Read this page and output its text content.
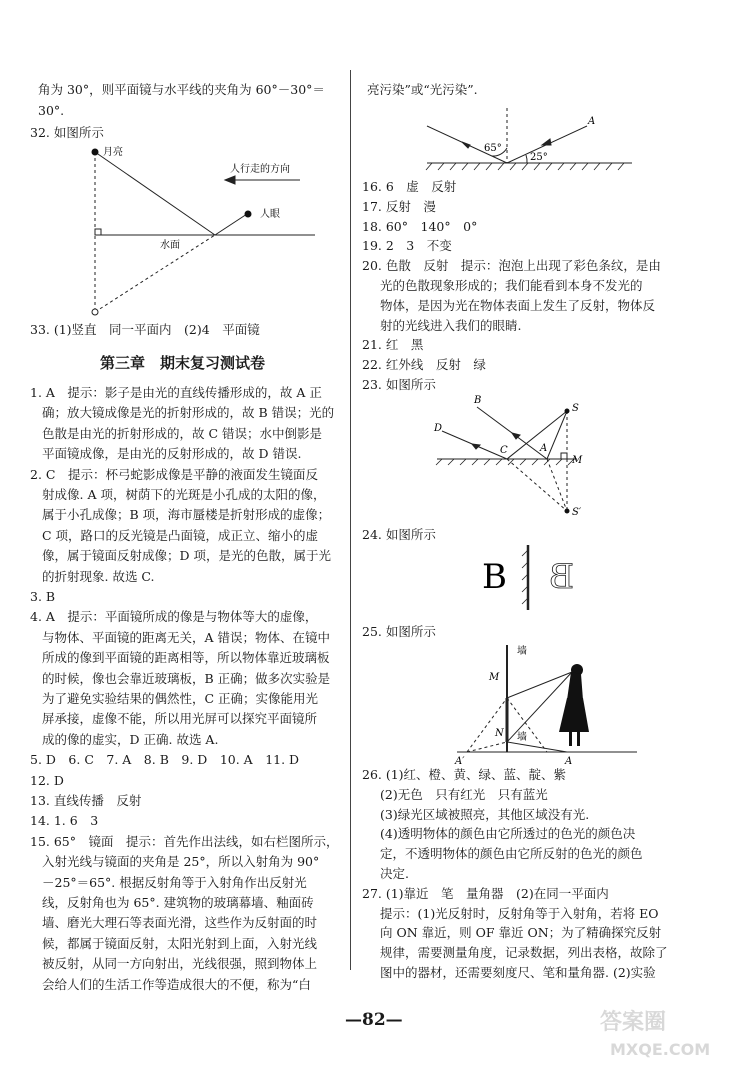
角为 30°，则平面镜与水平线的夹角为 60°－30°＝
30°.
32. 如图所示
月亮
人行走的方向
人眼
水面
33. (1)竖直　同一平面内　(2)4　平面镜
第三章　期末复习测试卷
1. A　提示：影子是由光的直线传播形成的，故 A 正
确；放大镜成像是光的折射形成的，故 B 错误；光的
色散是由光的折射形成的，故 C 错误；水中倒影是
平面镜成像，是由光的反射形成的，故 D 错误.
2. C　提示：杯弓蛇影成像是平静的液面发生镜面反
射成像. A 项，树荫下的光斑是小孔成的太阳的像，
属于小孔成像；B 项，海市蜃楼是折射形成的虚像；
C 项，路口的反光镜是凸面镜，成正立、缩小的虚
像，属于镜面反射成像；D 项，是光的色散，属于光
的折射现象. 故选 C.
3. B
4. A　提示：平面镜所成的像是与物体等大的虚像，
与物体、平面镜的距离无关，A 错误；物体、在镜中
所成的像到平面镜的距离相等，所以物体靠近玻璃板
的时候，像也会靠近玻璃板，B 正确；做多次实验是
为了避免实验结果的偶然性，C 正确；实像能用光
屏承接，虚像不能，所以用光屏可以探究平面镜所
成的像的虚实，D 正确. 故选 A.
5. D　6. C　7. A　8. B　9. D　10. A　11. D
12. D
13. 直线传播　反射
14. 1. 6　3
15. 65°　镜面　提示：首先作出法线，如右栏图所示，
入射光线与镜面的夹角是 25°，所以入射角为 90°
－25°＝65°. 根据反射角等于入射角作出反射光
线，反射角也为 65°. 建筑物的玻璃幕墙、釉面砖
墙、磨光大理石等表面光滑，这些作为反射面的时
候，都属于镜面反射，太阳光射到上面，入射光线
被反射，从同一方向射出，光线很强，照到物体上
会给人们的生活工作等造成很大的不便，称为“白
亮污染”或“光污染”.
A
65°
25°
16. 6　虚　反射
17. 反射　漫
18. 60°　140°　0°
19. 2　3　不变
20. 色散　反射　提示：泡泡上出现了彩色条纹，是由
光的色散现象形成的；我们能看到本身不发光的
物体，是因为光在物体表面上发生了反射，物体反
射的光线进入我们的眼睛.
21. 红　黑
22. 红外线　反射　绿
23. 如图所示
B
S
D
C	A
M
S′
24. 如图所示
B B
25. 如图所示
墙
墙
M
N
A′	A
26. (1)红、橙、黄、绿、蓝、靛、紫
(2)无色　只有红光　只有蓝光
(3)绿光区域被照亮，其他区域没有光.
(4)透明物体的颜色由它所透过的色光的颜色决
定，不透明物体的颜色由它所反射的色光的颜色
决定.
27. (1)靠近　笔　量角器　(2)在同一平面内
提示：(1)光反射时，反射角等于入射角，若将 EO
向 ON 靠近，则 OF 靠近 ON；为了精确探究反射
规律，需要测量角度，记录数据，列出表格，故除了
图中的器材，还需要刻度尺、笔和量角器. (2)实验
—82—	答案圈
MXQE.COM
